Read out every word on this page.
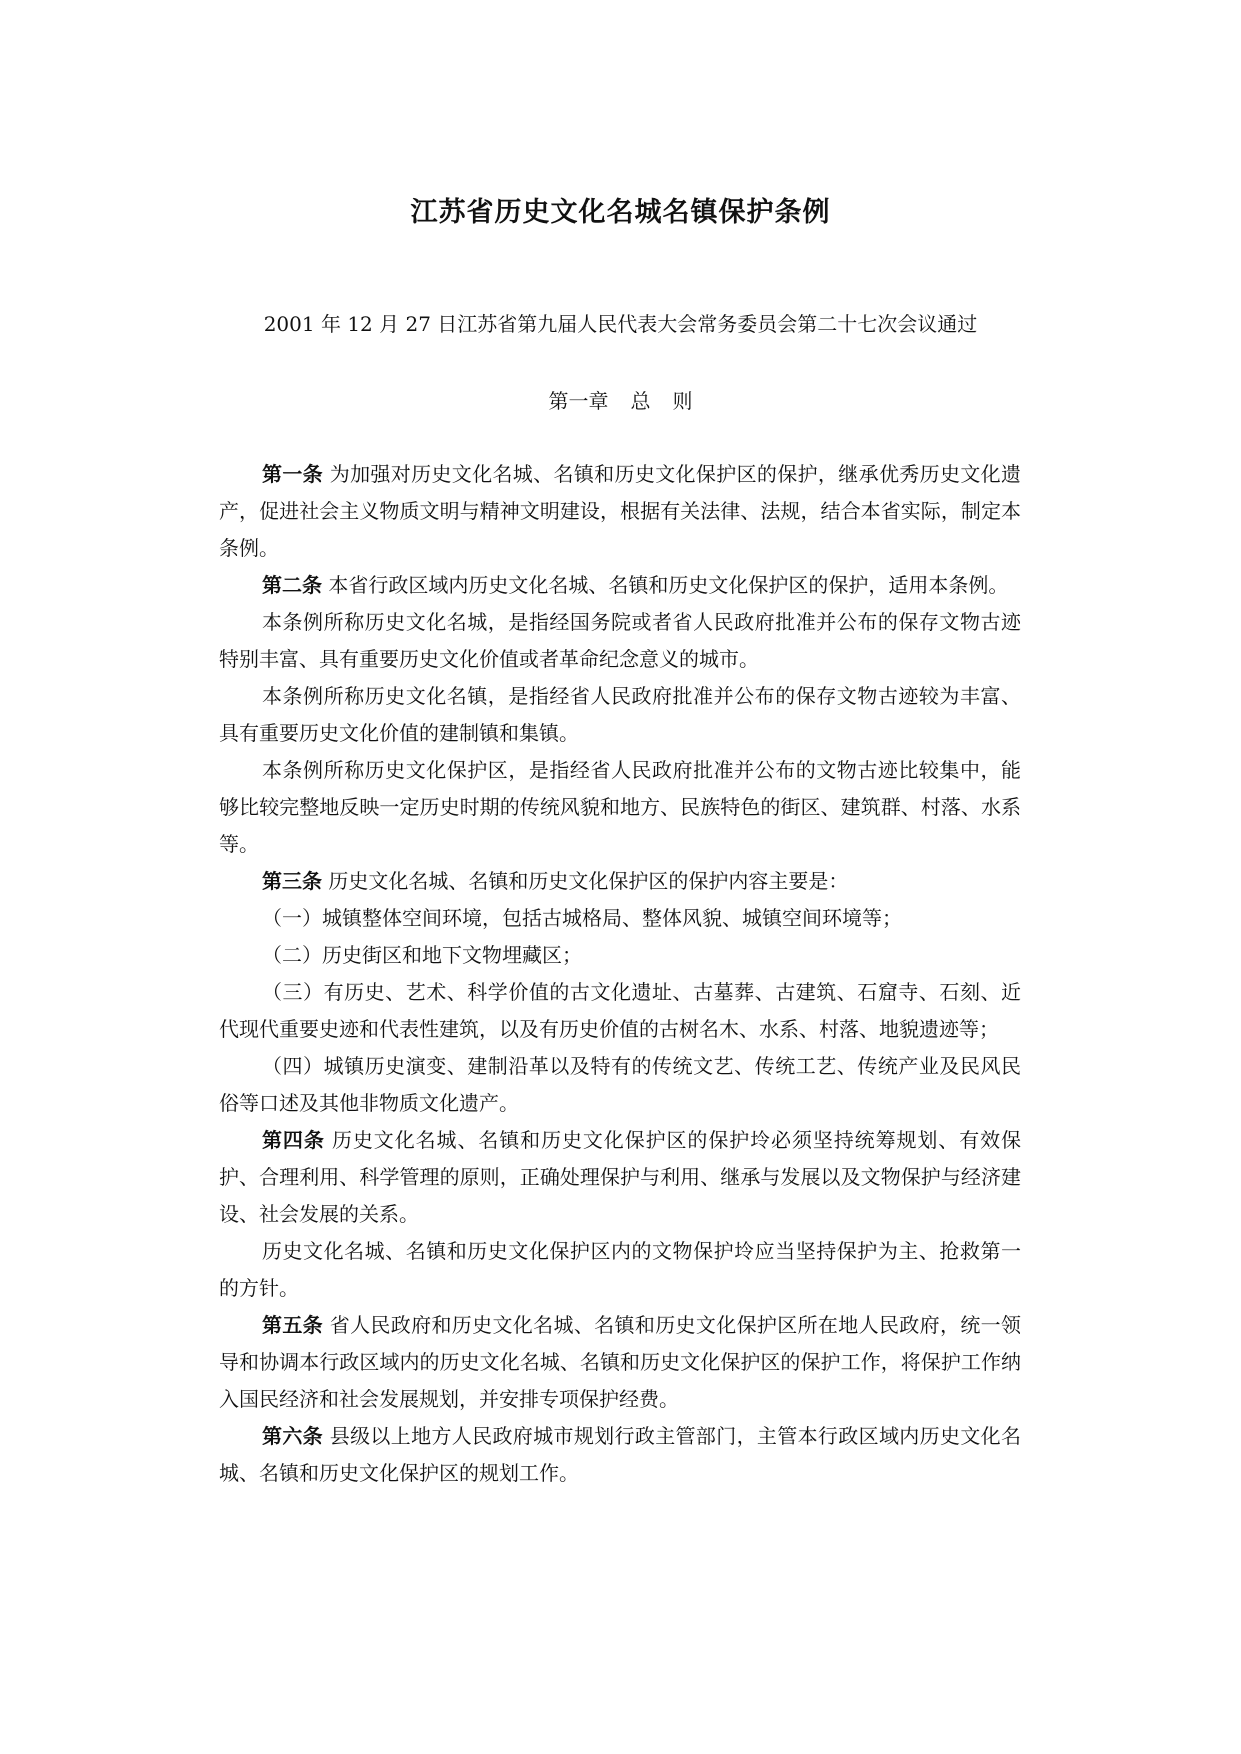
江苏省历史文化名城名镇保护条例
2001 年 12 月 27 日江苏省第九届人民代表大会常务委员会第二十七次会议通过
第一章 总 则

第一条 为加强对历史文化名城、名镇和历史文化保护区的保护，继承优秀历史文化遗产，促进社会主义物质文明与精神文明建设，根据有关法律、法规，结合本省实际，制定本条例。

第二条 本省行政区域内历史文化名城、名镇和历史文化保护区的保护，适用本条例。

本条例所称历史文化名城，是指经国务院或者省人民政府批准并公布的保存文物古迹特别丰富、具有重要历史文化价值或者革命纪念意义的城市。

本条例所称历史文化名镇，是指经省人民政府批准并公布的保存文物古迹较为丰富、具有重要历史文化价值的建制镇和集镇。

本条例所称历史文化保护区，是指经省人民政府批准并公布的文物古迹比较集中，能够比较完整地反映一定历史时期的传统风貌和地方、民族特色的街区、建筑群、村落、水系等。

第三条 历史文化名城、名镇和历史文化保护区的保护内容主要是：

（一）城镇整体空间环境，包括古城格局、整体风貌、城镇空间环境等；

（二）历史街区和地下文物埋藏区；

（三）有历史、艺术、科学价值的古文化遗址、古墓葬、古建筑、石窟寺、石刻、近代现代重要史迹和代表性建筑，以及有历史价值的古树名木、水系、村落、地貌遗迹等；

（四）城镇历史演变、建制沿革以及特有的传统文艺、传统工艺、传统产业及民风民俗等口述及其他非物质文化遗产。

第四条 历史文化名城、名镇和历史文化保护区的保护坽必须坚持统筹规划、有效保护、合理利用、科学管理的原则，正确处理保护与利用、继承与发展以及文物保护与经济建设、社会发展的关系。

历史文化名城、名镇和历史文化保护区内的文物保护坽应当坚持保护为主、抢救第一的方针。

第五条 省人民政府和历史文化名城、名镇和历史文化保护区所在地人民政府，统一领导和协调本行政区域内的历史文化名城、名镇和历史文化保护区的保护工作，将保护工作纳入国民经济和社会发展规划，并安排专项保护经费。

第六条 县级以上地方人民政府城市规划行政主管部门，主管本行政区域内历史文化名城、名镇和历史文化保护区的规划工作。
